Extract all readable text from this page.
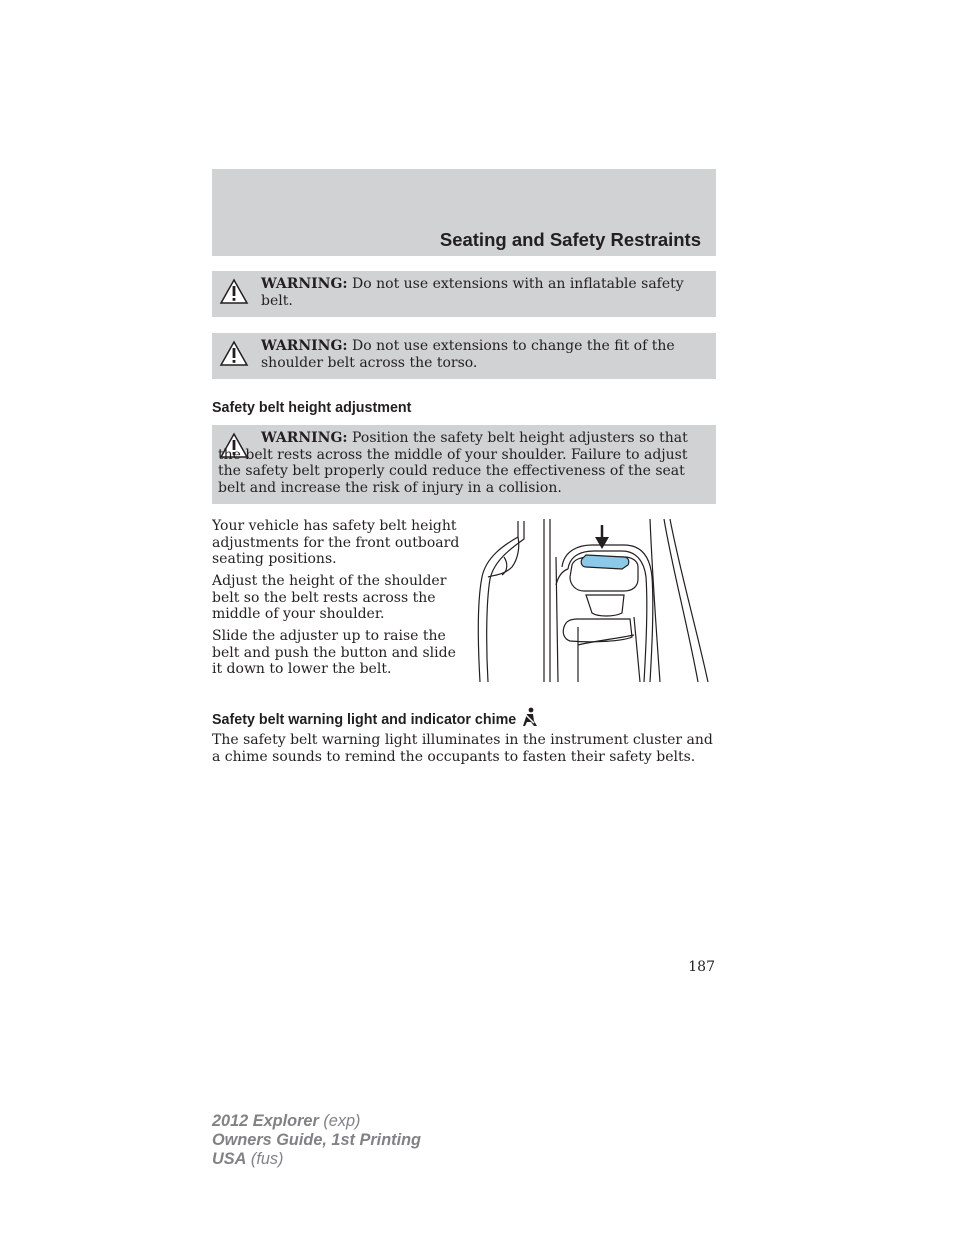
Seating and Safety Restraints
WARNING: Do not use extensions with an inflatable safety belt.
WARNING: Do not use extensions to change the fit of the shoulder belt across the torso.
Safety belt height adjustment
WARNING: Position the safety belt height adjusters so that the belt rests across the middle of your shoulder. Failure to adjust the safety belt properly could reduce the effectiveness of the seat belt and increase the risk of injury in a collision.
Your vehicle has safety belt height adjustments for the front outboard seating positions.
Adjust the height of the shoulder belt so the belt rests across the middle of your shoulder.
Slide the adjuster up to raise the belt and push the button and slide it down to lower the belt.
Safety belt warning light and indicator chime
The safety belt warning light illuminates in the instrument cluster and a chime sounds to remind the occupants to fasten their safety belts.
187
2012 Explorer (exp)
Owners Guide, 1st Printing
USA (fus)
